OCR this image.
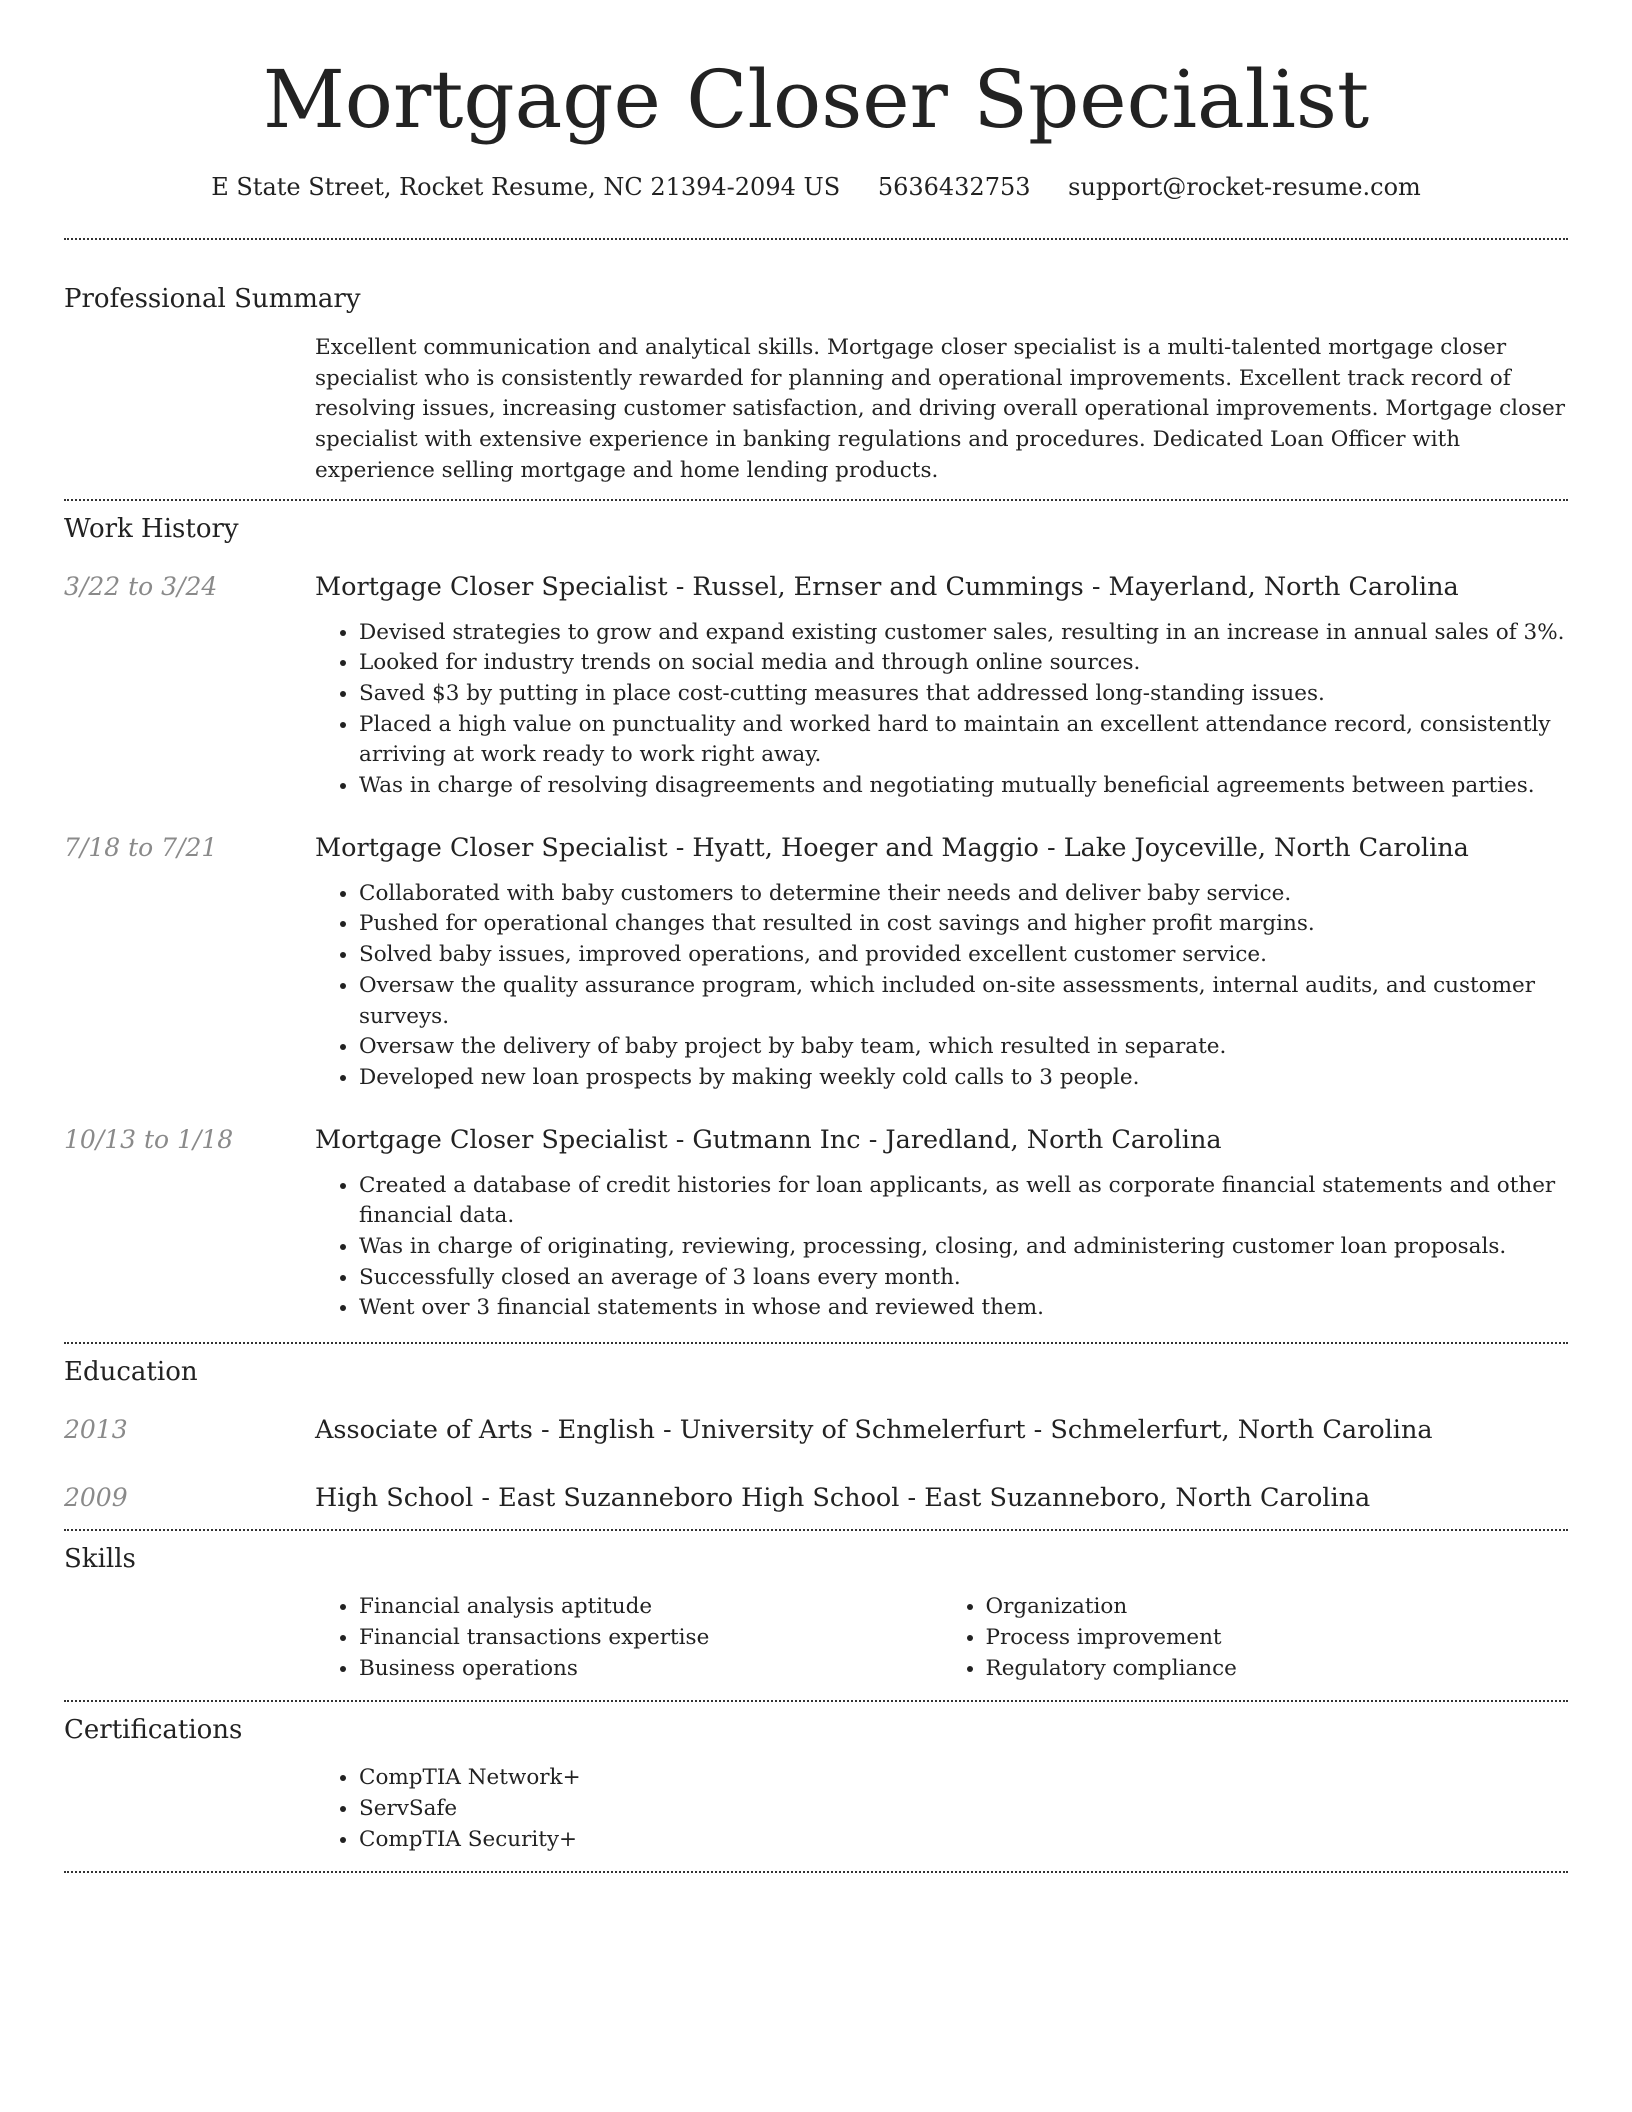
Mortgage Closer Specialist
E State Street, Rocket Resume, NC 21394-2094 US 5636432753 support@rocket-resume.com
Professional Summary

Excellent communication and analytical skills. Mortgage closer specialist is a multi-talented mortgage closer specialist who is consistently rewarded for planning and operational improvements. Excellent track record of resolving issues, increasing customer satisfaction, and driving overall operational improvements. Mortgage closer specialist with extensive experience in banking regulations and procedures. Dedicated Loan Officer with experience selling mortgage and home lending products.

Work History
3/22 to 3/24	Mortgage Closer Specialist - Russel, Ernser and Cummings - Mayerland, North Carolina
• Devised strategies to grow and expand existing customer sales, resulting in an increase in annual sales of 3%.
• Looked for industry trends on social media and through online sources.
• Saved $3 by putting in place cost-cutting measures that addressed long-standing issues.
• Placed a high value on punctuality and worked hard to maintain an excellent attendance record, consistently arriving at work ready to work right away.
• Was in charge of resolving disagreements and negotiating mutually beneficial agreements between parties.
7/18 to 7/21	Mortgage Closer Specialist - Hyatt, Hoeger and Maggio - Lake Joyceville, North Carolina
• Collaborated with baby customers to determine their needs and deliver baby service.
• Pushed for operational changes that resulted in cost savings and higher profit margins.
• Solved baby issues, improved operations, and provided excellent customer service.
• Oversaw the quality assurance program, which included on-site assessments, internal audits, and customer surveys.
• Oversaw the delivery of baby project by baby team, which resulted in separate.
• Developed new loan prospects by making weekly cold calls to 3 people.
10/13 to 1/18	Mortgage Closer Specialist - Gutmann Inc - Jaredland, North Carolina
• Created a database of credit histories for loan applicants, as well as corporate financial statements and other financial data.
• Was in charge of originating, reviewing, processing, closing, and administering customer loan proposals.
• Successfully closed an average of 3 loans every month.
• Went over 3 financial statements in whose and reviewed them.
Education
2013	Associate of Arts - English - University of Schmelerfurt - Schmelerfurt, North Carolina
2009	High School - East Suzanneboro High School - East Suzanneboro, North Carolina
Skills
• Financial analysis aptitude
• Financial transactions expertise
• Business operations
• Organization
• Process improvement
• Regulatory compliance
Certifications
• CompTIA Network+
• ServSafe
• CompTIA Security+
